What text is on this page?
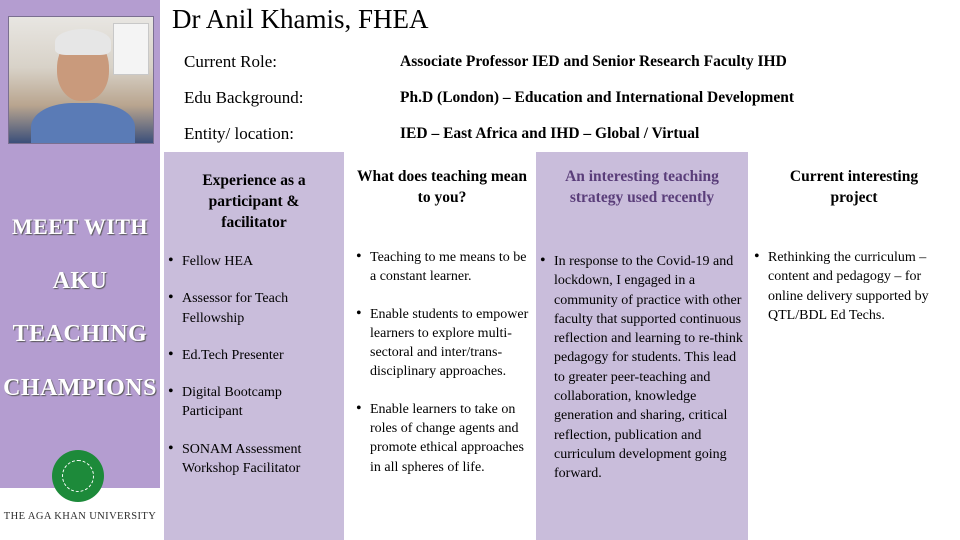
MEET WITH
AKU
TEACHING
CHAMPIONS
THE AGA KHAN UNIVERSITY
Dr Anil Khamis, FHEA
Current Role:	Associate Professor IED and Senior Research Faculty IHD
Edu Background:	Ph.D (London) – Education and International Development
Entity/ location:	IED – East Africa and IHD – Global / Virtual
Experience as a participant & facilitator
• Fellow HEA
• Assessor for Teach Fellowship
• Ed.Tech Presenter
• Digital Bootcamp Participant
• SONAM Assessment Workshop Facilitator
What does teaching mean to you?
• Teaching to me means to be a constant learner.
• Enable students to empower learners to explore multi-sectoral and inter/trans-disciplinary approaches.
• Enable learners to take on roles of change agents and promote ethical approaches in all spheres of life.
An interesting teaching strategy used recently
• In response to the Covid-19 and lockdown, I engaged in a community of practice with other faculty that supported continuous reflection and learning to re-think pedagogy for students. This lead to greater peer-teaching and collaboration, knowledge generation and sharing, critical reflection, publication and curriculum development going forward.
Current interesting project
• Rethinking the curriculum – content and pedagogy – for online delivery supported by QTL/BDL Ed Techs.
